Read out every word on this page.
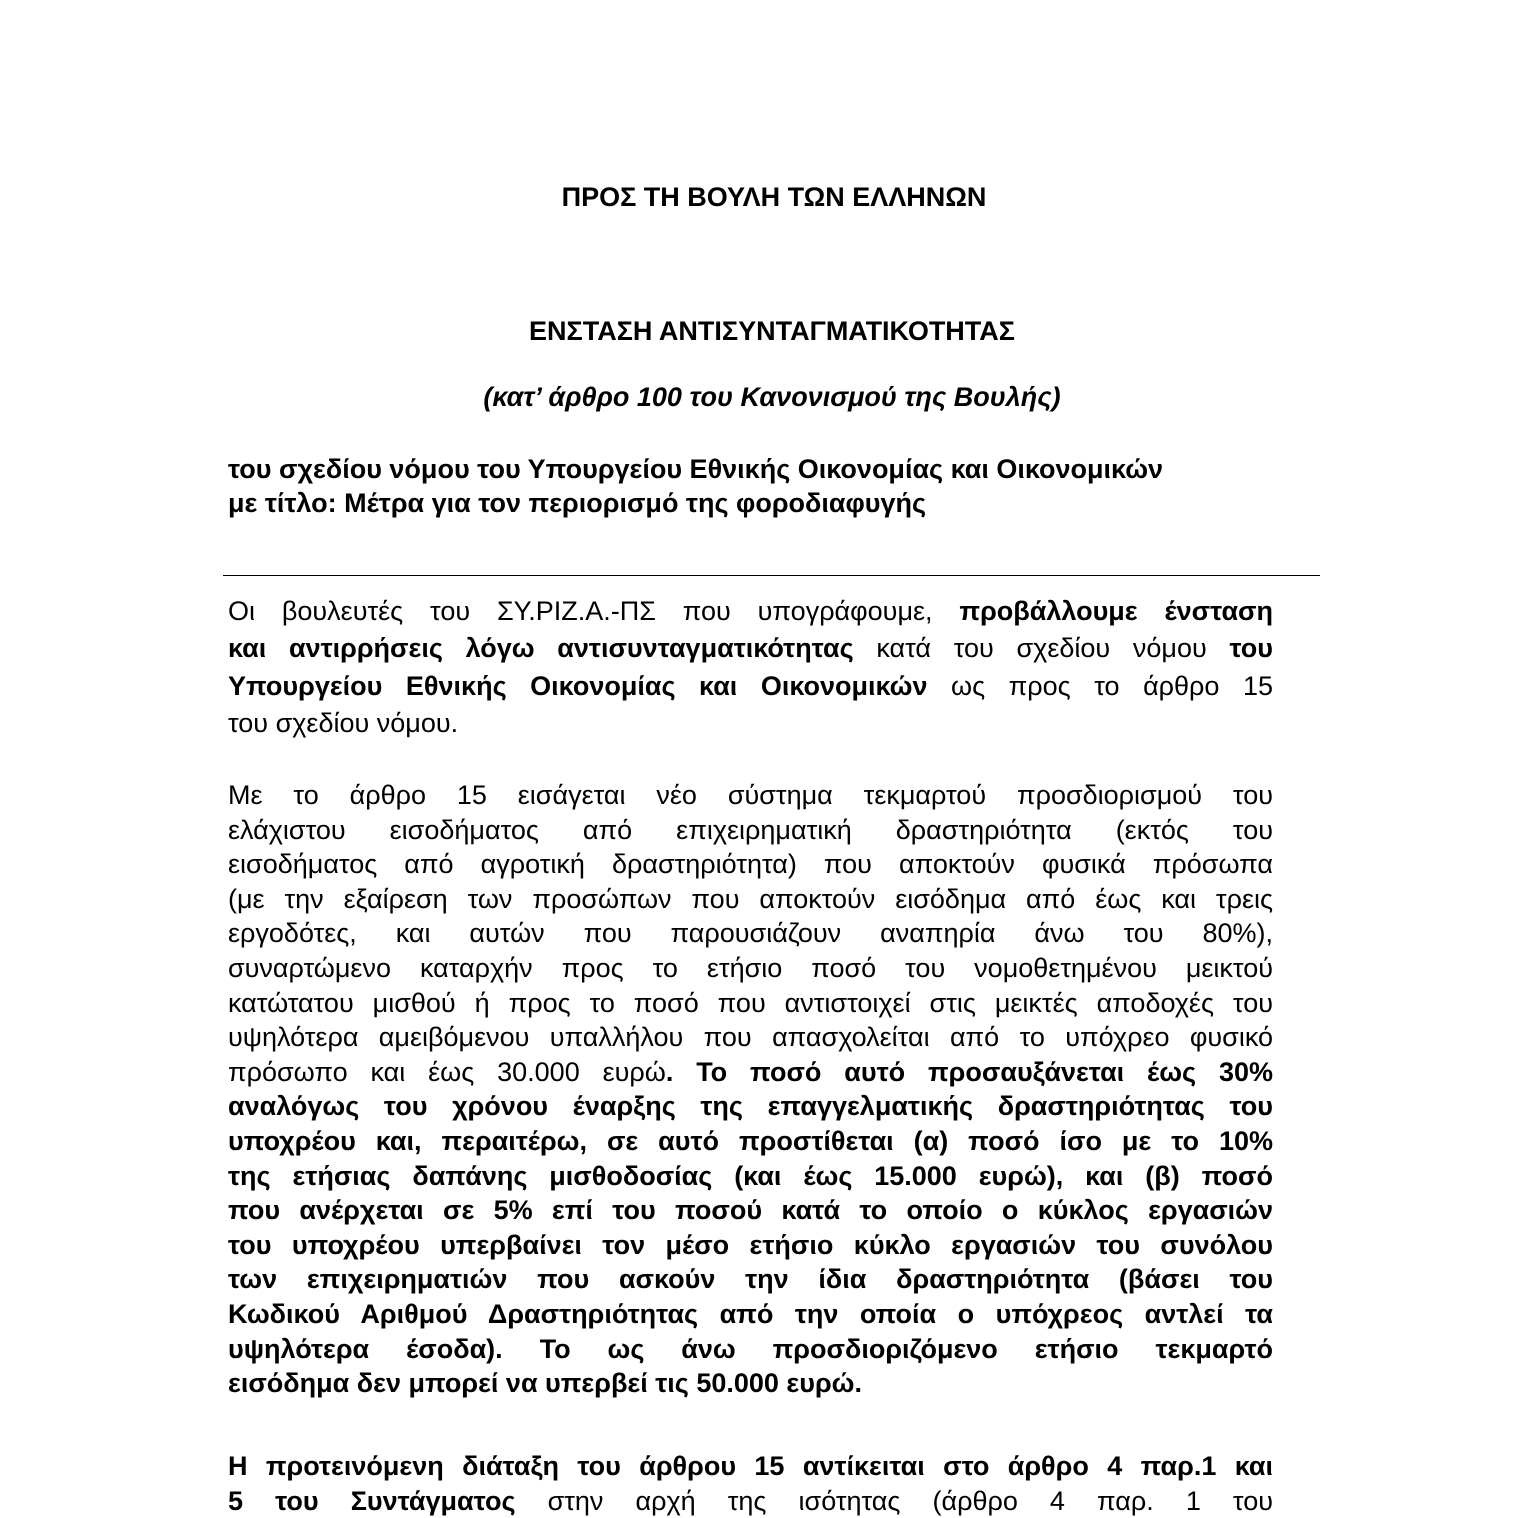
ΠΡΟΣ ΤΗ ΒΟΥΛΗ ΤΩΝ ΕΛΛΗΝΩΝ
ΕΝΣΤΑΣΗ ΑΝΤΙΣΥΝΤΑΓΜΑΤΙΚΟΤΗΤΑΣ
(κατ’ άρθρο 100 του Κανονισμού της Βουλής)
του σχεδίου νόμου του Υπουργείου Εθνικής Οικονομίας και Οικονομικών
με τίτλο: Μέτρα για τον περιορισμό της φοροδιαφυγής
Οι βουλευτές του ΣΥ.ΡΙΖ.Α.-ΠΣ που υπογράφουμε, προβάλλουμε ένσταση
και αντιρρήσεις λόγω αντισυνταγματικότητας κατά του σχεδίου νόμου του
Υπουργείου Εθνικής Οικονομίας και Οικονομικών ως προς το άρθρο 15
του σχεδίου νόμου.
Με το άρθρο 15 εισάγεται νέο σύστημα τεκμαρτού προσδιορισμού του
ελάχιστου εισοδήματος από επιχειρηματική δραστηριότητα (εκτός του
εισοδήματος από αγροτική δραστηριότητα) που αποκτούν φυσικά πρόσωπα
(με την εξαίρεση των προσώπων που αποκτούν εισόδημα από έως και τρεις
εργοδότες, και αυτών που παρουσιάζουν αναπηρία άνω του 80%),
συναρτώμενο καταρχήν προς το ετήσιο ποσό του νομοθετημένου μεικτού
κατώτατου μισθού ή προς το ποσό που αντιστοιχεί στις μεικτές αποδοχές του
υψηλότερα αμειβόμενου υπαλλήλου που απασχολείται από το υπόχρεο φυσικό
πρόσωπο και έως 30.000 ευρώ. Το ποσό αυτό προσαυξάνεται έως 30%
αναλόγως του χρόνου έναρξης της επαγγελματικής δραστηριότητας του
υποχρέου και, περαιτέρω, σε αυτό προστίθεται (α) ποσό ίσο με το 10%
της ετήσιας δαπάνης μισθοδοσίας (και έως 15.000 ευρώ), και (β) ποσό
που ανέρχεται σε 5% επί του ποσού κατά το οποίο ο κύκλος εργασιών
του υποχρέου υπερβαίνει τον μέσο ετήσιο κύκλο εργασιών του συνόλου
των επιχειρηματιών που ασκούν την ίδια δραστηριότητα (βάσει του
Κωδικού Αριθμού Δραστηριότητας από την οποία ο υπόχρεος αντλεί τα
υψηλότερα έσοδα). Το ως άνω προσδιοριζόμενο ετήσιο τεκμαρτό
εισόδημα δεν μπορεί να υπερβεί τις 50.000 ευρώ.
Η προτεινόμενη διάταξη του άρθρου 15 αντίκειται στο άρθρο 4 παρ.1 και
5 του Συντάγματος στην αρχή της ισότητας (άρθρο 4 παρ. 1 του
